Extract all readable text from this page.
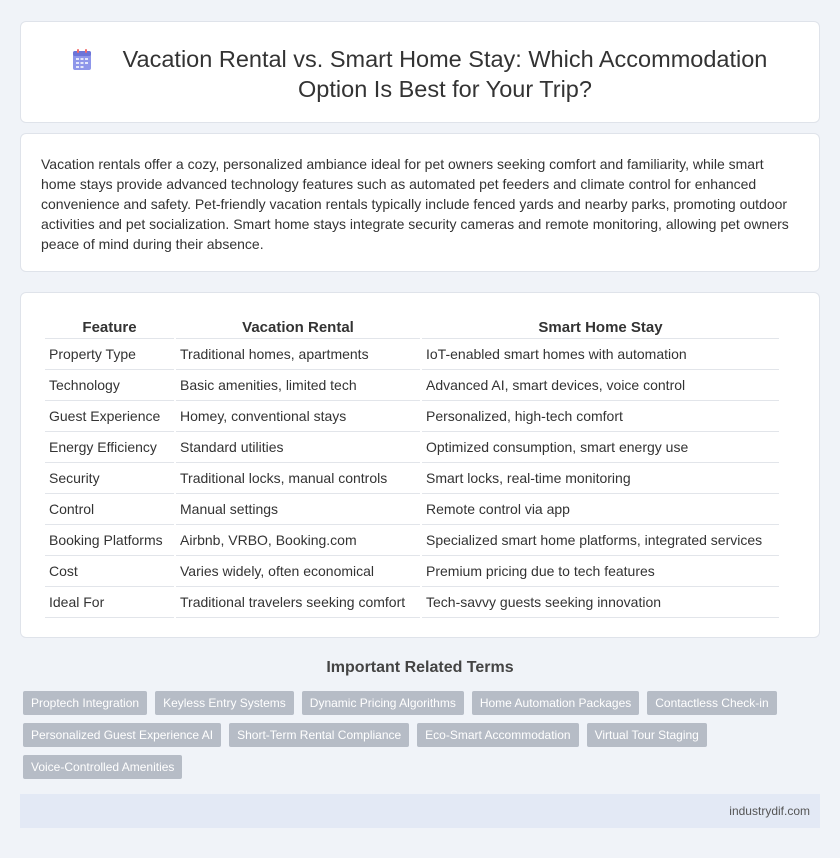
Vacation Rental vs. Smart Home Stay: Which Accommodation Option Is Best for Your Trip?

Vacation rentals offer a cozy, personalized ambiance ideal for pet owners seeking comfort and familiarity, while smart home stays provide advanced technology features such as automated pet feeders and climate control for enhanced convenience and safety. Pet-friendly vacation rentals typically include fenced yards and nearby parks, promoting outdoor activities and pet socialization. Smart home stays integrate security cameras and remote monitoring, allowing pet owners peace of mind during their absence.

Feature	Vacation Rental	Smart Home Stay
Property Type	Traditional homes, apartments	IoT-enabled smart homes with automation
Technology	Basic amenities, limited tech	Advanced AI, smart devices, voice control
Guest Experience	Homey, conventional stays	Personalized, high-tech comfort
Energy Efficiency	Standard utilities	Optimized consumption, smart energy use
Security	Traditional locks, manual controls	Smart locks, real-time monitoring
Control	Manual settings	Remote control via app
Booking Platforms	Airbnb, VRBO, Booking.com	Specialized smart home platforms, integrated services
Cost	Varies widely, often economical	Premium pricing due to tech features
Ideal For	Traditional travelers seeking comfort	Tech-savvy guests seeking innovation
Important Related Terms
Proptech Integration	Keyless Entry Systems	Dynamic Pricing Algorithms	Home Automation Packages	Contactless Check-in
Personalized Guest Experience AI	Short-Term Rental Compliance	Eco-Smart Accommodation	Virtual Tour Staging
Voice-Controlled Amenities
industrydif.com
